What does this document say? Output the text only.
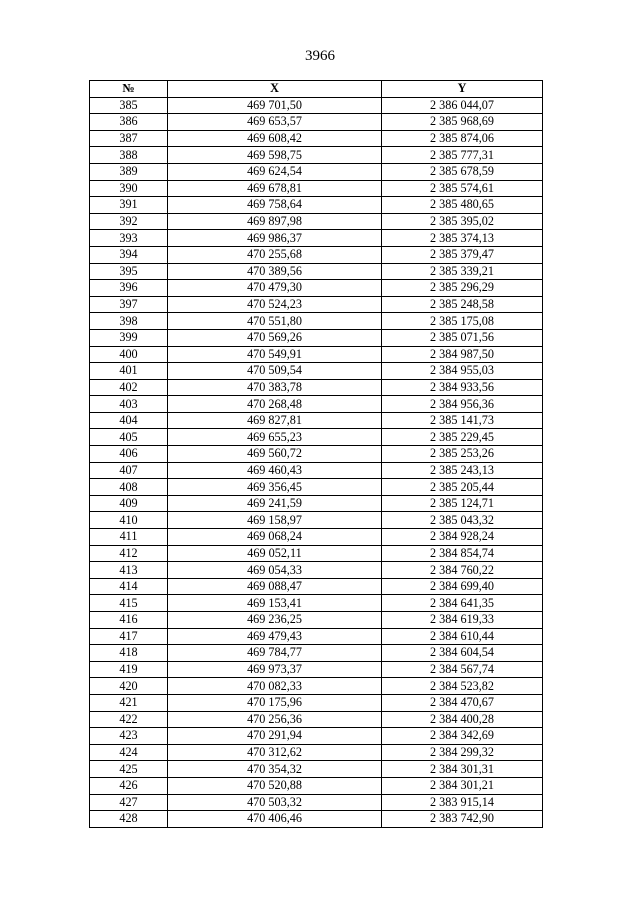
3966
№	X	Y
385	469 701,50	2 386 044,07
386	469 653,57	2 385 968,69
387	469 608,42	2 385 874,06
388	469 598,75	2 385 777,31
389	469 624,54	2 385 678,59
390	469 678,81	2 385 574,61
391	469 758,64	2 385 480,65
392	469 897,98	2 385 395,02
393	469 986,37	2 385 374,13
394	470 255,68	2 385 379,47
395	470 389,56	2 385 339,21
396	470 479,30	2 385 296,29
397	470 524,23	2 385 248,58
398	470 551,80	2 385 175,08
399	470 569,26	2 385 071,56
400	470 549,91	2 384 987,50
401	470 509,54	2 384 955,03
402	470 383,78	2 384 933,56
403	470 268,48	2 384 956,36
404	469 827,81	2 385 141,73
405	469 655,23	2 385 229,45
406	469 560,72	2 385 253,26
407	469 460,43	2 385 243,13
408	469 356,45	2 385 205,44
409	469 241,59	2 385 124,71
410	469 158,97	2 385 043,32
411	469 068,24	2 384 928,24
412	469 052,11	2 384 854,74
413	469 054,33	2 384 760,22
414	469 088,47	2 384 699,40
415	469 153,41	2 384 641,35
416	469 236,25	2 384 619,33
417	469 479,43	2 384 610,44
418	469 784,77	2 384 604,54
419	469 973,37	2 384 567,74
420	470 082,33	2 384 523,82
421	470 175,96	2 384 470,67
422	470 256,36	2 384 400,28
423	470 291,94	2 384 342,69
424	470 312,62	2 384 299,32
425	470 354,32	2 384 301,31
426	470 520,88	2 384 301,21
427	470 503,32	2 383 915,14
428	470 406,46	2 383 742,90
